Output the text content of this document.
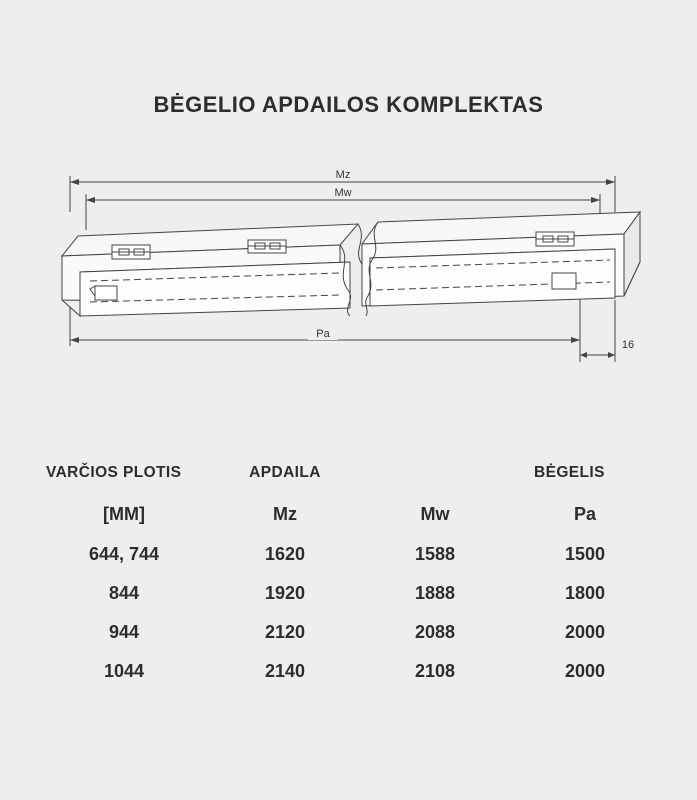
BĖGELIO APDAILOS KOMPLEKTAS
Mz
Mw
Pa
16
VARČIOS PLOTIS	APDAILA		BĖGELIS
[MM]	Mz	Mw	Pa
644, 744	1620	1588	1500
844	1920	1888	1800
944	2120	2088	2000
1044	2140	2108	2000
